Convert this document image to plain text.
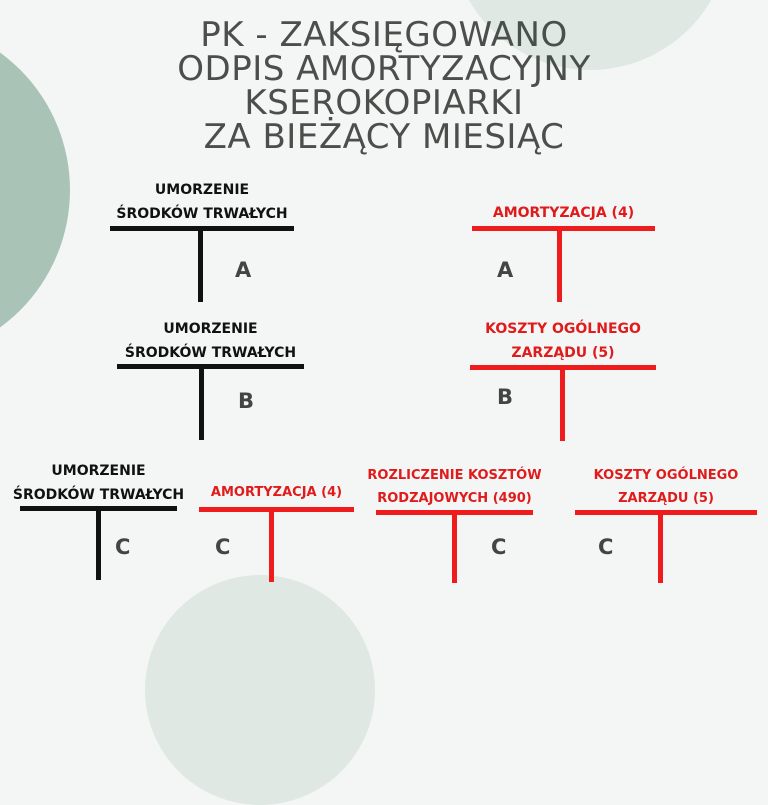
PK - ZAKSIĘGOWANO
ODPIS AMORTYZACYJNY
KSEROKOPIARKI
ZA BIEŻĄCY MIESIĄC
UMORZENIE
ŚRODKÓW TRWAŁYCH
A
AMORTYZACJA (4)
A
UMORZENIE
ŚRODKÓW TRWAŁYCH
B
KOSZTY OGÓLNEGO
ZARZĄDU (5)
B
UMORZENIE
ŚRODKÓW TRWAŁYCH
C
AMORTYZACJA (4)
C
ROZLICZENIE KOSZTÓW
RODZAJOWYCH (490)
C
KOSZTY OGÓLNEGO
ZARZĄDU (5)
C
